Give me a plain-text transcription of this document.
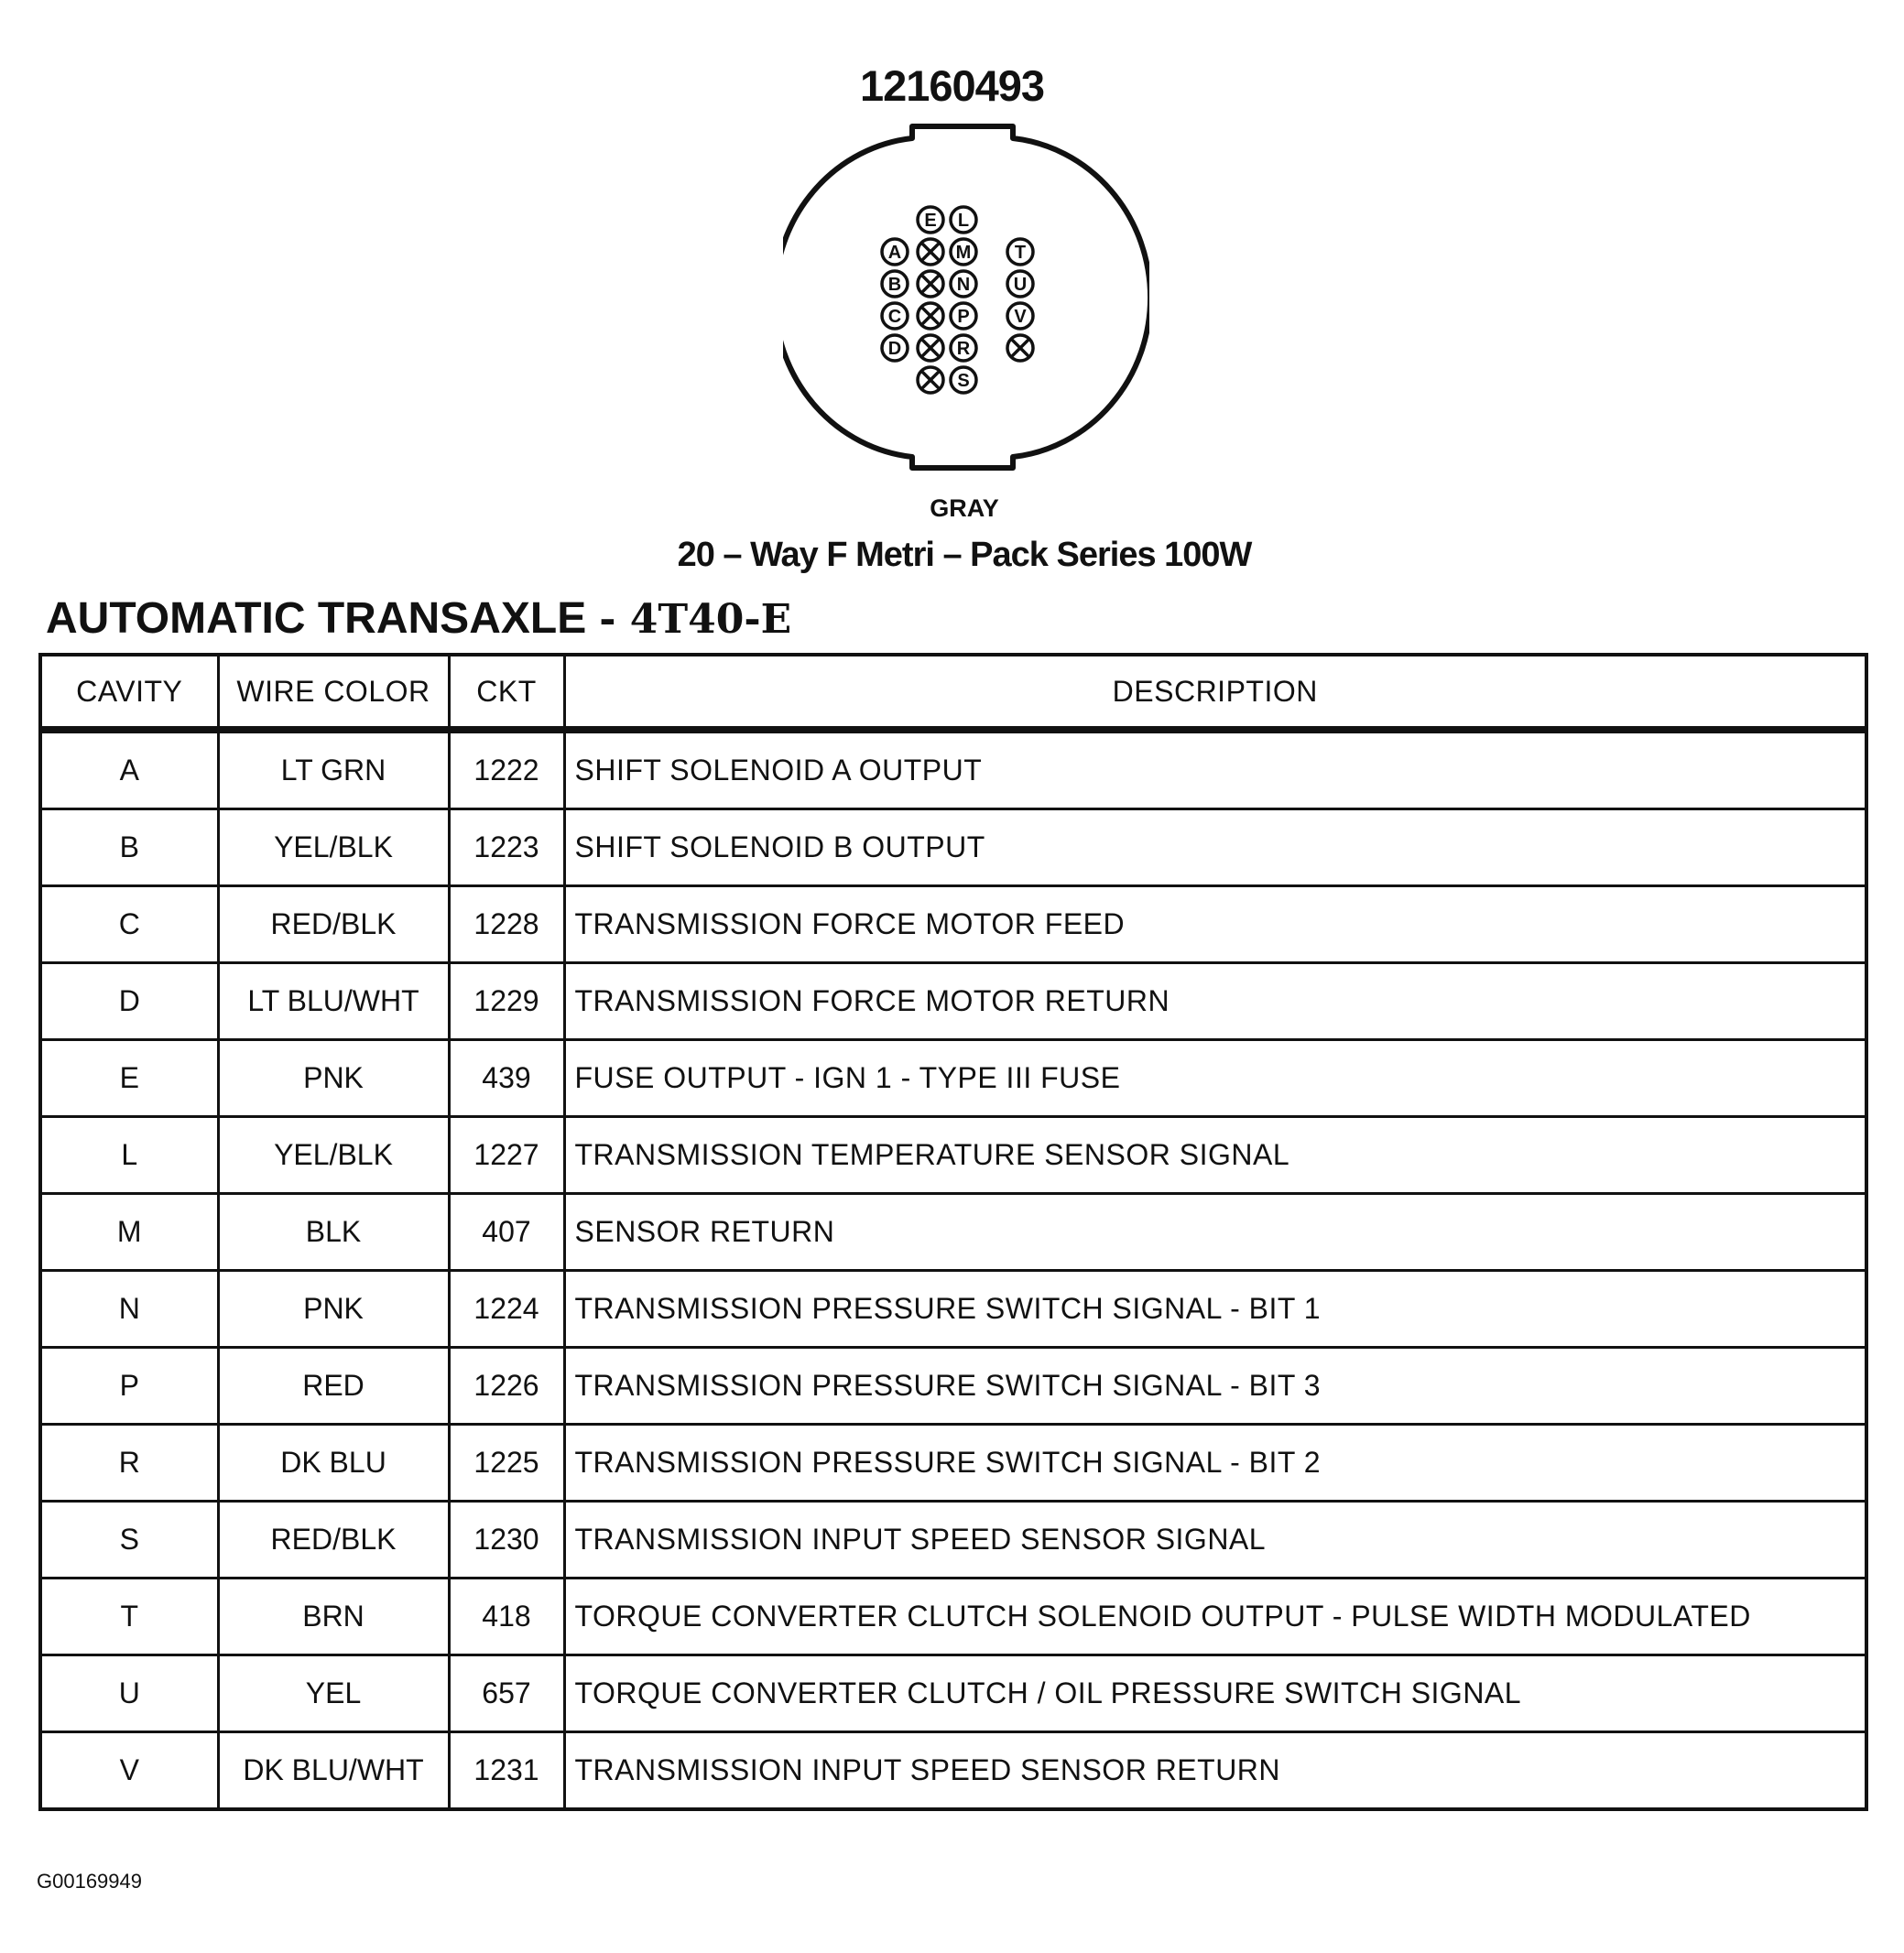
12160493
A
B
C
D
E L
M
N
P
R
S
T
U
V
GRAY
20 – Way F Metri – Pack Series 100W
AUTOMATIC TRANSAXLE - 4T40-E
CAVITY	WIRE COLOR	CKT	DESCRIPTION
A	LT GRN	1222	SHIFT SOLENOID A OUTPUT
B	YEL/BLK	1223	SHIFT SOLENOID B OUTPUT
C	RED/BLK	1228	TRANSMISSION FORCE MOTOR FEED
D	LT BLU/WHT	1229	TRANSMISSION FORCE MOTOR RETURN
E	PNK	439	FUSE OUTPUT - IGN 1 - TYPE III FUSE
L	YEL/BLK	1227	TRANSMISSION TEMPERATURE SENSOR SIGNAL
M	BLK	407	SENSOR RETURN
N	PNK	1224	TRANSMISSION PRESSURE SWITCH SIGNAL - BIT 1
P	RED	1226	TRANSMISSION PRESSURE SWITCH SIGNAL - BIT 3
R	DK BLU	1225	TRANSMISSION PRESSURE SWITCH SIGNAL - BIT 2
S	RED/BLK	1230	TRANSMISSION INPUT SPEED SENSOR SIGNAL
T	BRN	418	TORQUE CONVERTER CLUTCH SOLENOID OUTPUT - PULSE WIDTH MODULATED
U	YEL	657	TORQUE CONVERTER CLUTCH / OIL PRESSURE SWITCH SIGNAL
V	DK BLU/WHT	1231	TRANSMISSION INPUT SPEED SENSOR RETURN
G00169949
